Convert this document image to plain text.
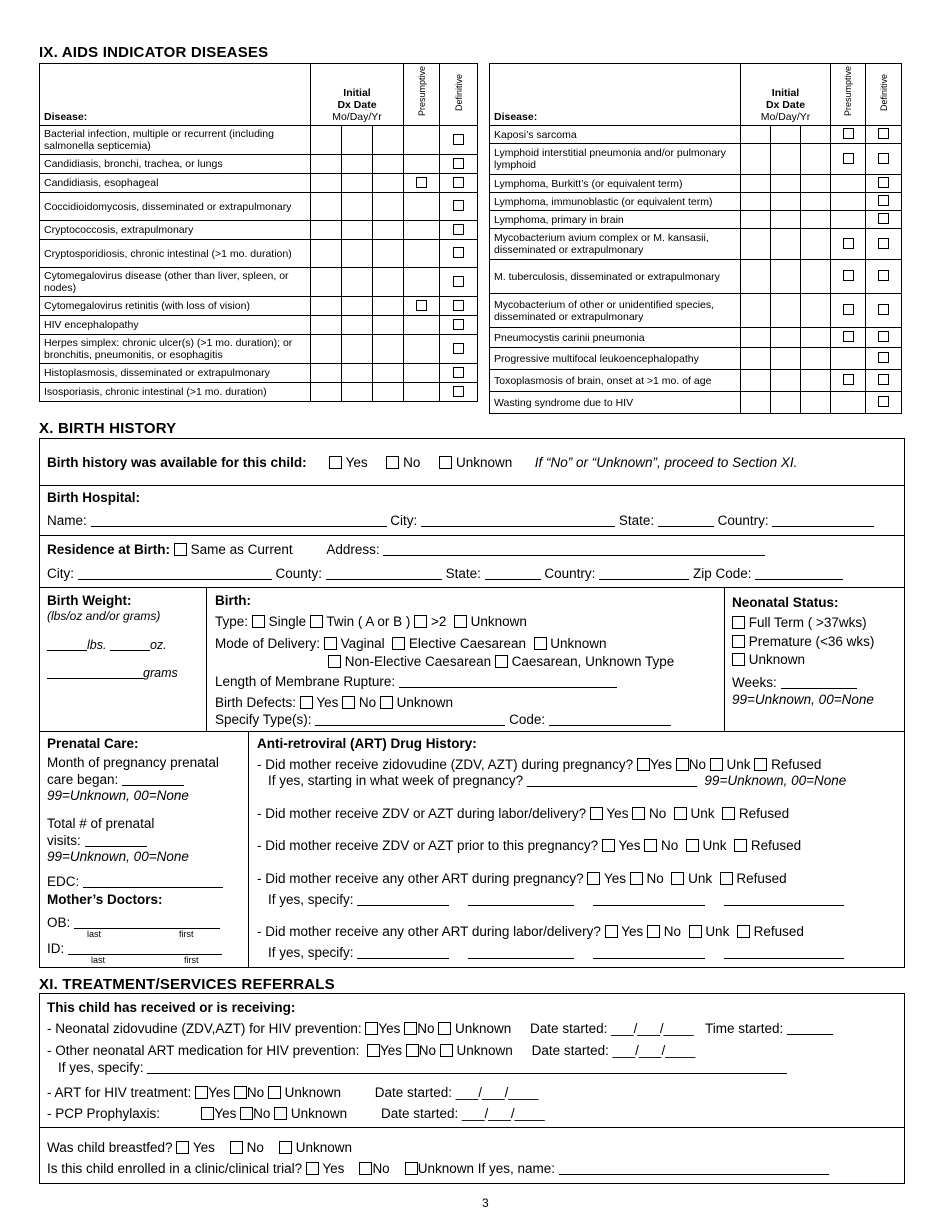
IX. AIDS INDICATOR DISEASES
Disease:	Initial
Dx Date
Mo/Day/Yr			Presumptive	Definitive
Bacterial infection, multiple or recurrent (including salmonella septicemia)					
Candidiasis, bronchi, trachea, or lungs					
Candidiasis, esophageal					
Coccidioidomycosis, disseminated or extrapulmonary					
Cryptococcosis, extrapulmonary					
Cryptosporidiosis, chronic intestinal (>1 mo. duration)					
Cytomegalovirus disease (other than liver, spleen, or nodes)					
Cytomegalovirus retinitis (with loss of vision)					
HIV encephalopathy					
Herpes simplex: chronic ulcer(s) (>1 mo. duration); or bronchitis, pneumonitis, or esophagitis					
Histoplasmosis, disseminated or extrapulmonary					
Isosporiasis, chronic intestinal (>1 mo. duration)					
Disease:	Initial
Dx Date
Mo/Day/Yr			Presumptive	Definitive
Kaposi’s sarcoma					
Lymphoid interstitial pneumonia and/or pulmonary lymphoid					
Lymphoma, Burkitt’s (or equivalent term)					
Lymphoma, immunoblastic (or equivalent term)					
Lymphoma, primary in brain					
Mycobacterium avium complex or M. kansasii, disseminated or extrapulmonary					
M. tuberculosis, disseminated or extrapulmonary					
Mycobacterium of other or unidentified species, disseminated or extrapulmonary					
Pneumocystis carinii pneumonia					
Progressive multifocal leukoencephalopathy					
Toxoplasmosis of brain, onset at >1 mo. of age					
Wasting syndrome due to HIV					
X. BIRTH HISTORY
Birth history was available for this child:	Yes	No	Unknown If “No” or “Unknown”, proceed to Section XI.
Birth Hospital:
Name:	City:	State:	Country:
Residence at Birth: Same as Current	Address:
City:	County:	State:	Country:	Zip Code:
Birth Weight:
(lbs/oz and/or grams)
lbs.	oz.
grams
Birth:
Type: Single Twin ( A or B ) >2 Unknown
Mode of Delivery: Vaginal Elective Caesarean Unknown
Non-Elective Caesarean Caesarean, Unknown Type
Length of Membrane Rupture:
Birth Defects: Yes No Unknown
Specify Type(s):	Code:
Neonatal Status:
Full Term ( >37wks)
Premature (<36 wks)
Unknown
Weeks:
99=Unknown, 00=None
Prenatal Care:
Month of pregnancy prenatal
care began:
99=Unknown, 00=None
Total # of prenatal
visits:
99=Unknown, 00=None
EDC:
Mother’s Doctors:
OB:
last	first
ID:
last	first
Anti-retroviral (ART) Drug History:
- Did mother receive zidovudine (ZDV, AZT) during pregnancy? Yes No Unk Refused
If yes, starting in what week of pregnancy?	99=Unknown, 00=None
- Did mother receive ZDV or AZT during labor/delivery? Yes No Unk Refused
- Did mother receive ZDV or AZT prior to this pregnancy? Yes No Unk Refused
- Did mother receive any other ART during pregnancy? Yes No Unk Refused
If yes, specify:
- Did mother receive any other ART during labor/delivery? Yes No Unk Refused
If yes, specify:
XI. TREATMENT/SERVICES REFERRALS
This child has received or is receiving:
- Neonatal zidovudine (ZDV,AZT) for HIV prevention: Yes No Unknown Date started: ___/___/____ Time started:
- Other neonatal ART medication for HIV prevention: Yes No Unknown Date started: ___/___/____
If yes, specify:
- ART for HIV treatment: Yes No Unknown	Date started: ___/___/____
- PCP Prophylaxis:	Yes No Unknown	Date started: ___/___/____
Was child breastfed? Yes No Unknown
Is this child enrolled in a clinic/clinical trial? Yes No Unknown If yes, name:
3
